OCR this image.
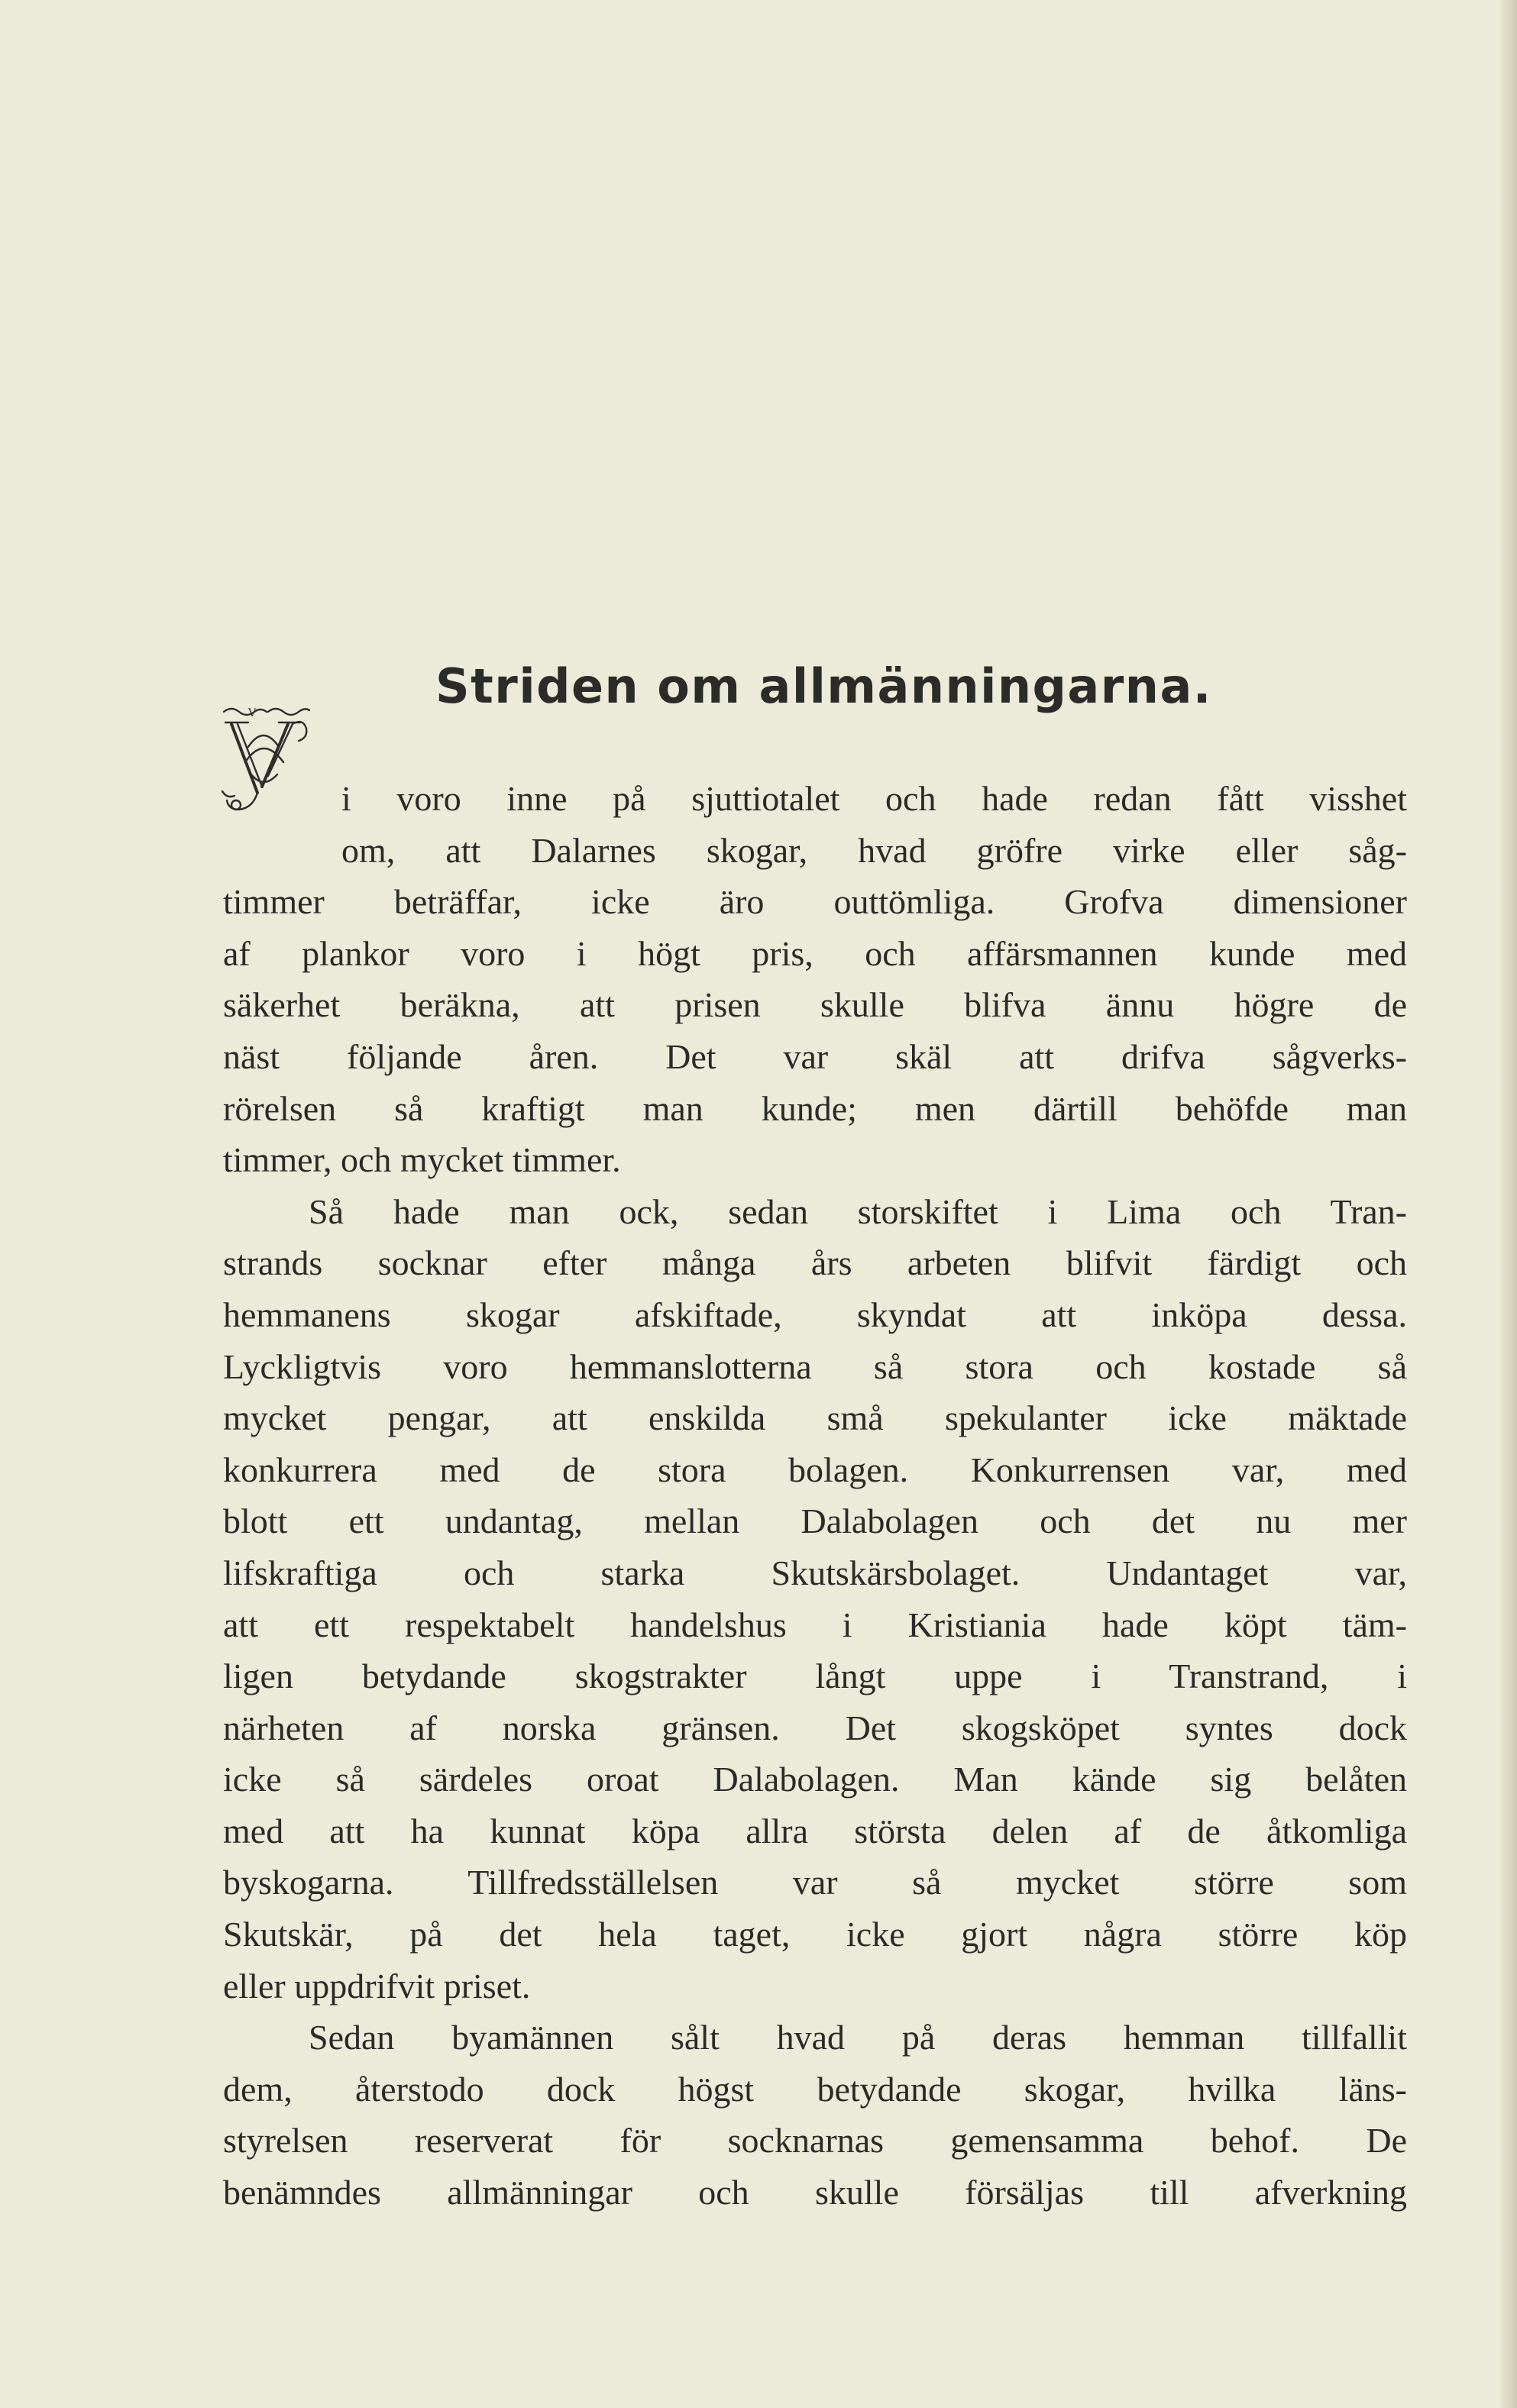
Striden om allmänningarna.
V
i voro inne på sjuttiotalet och hade redan fått visshet
om, att Dalarnes skogar, hvad gröfre virke eller såg-
timmer beträffar, icke äro outtömliga. Grofva dimensioner
af plankor voro i högt pris, och affärsmannen kunde med
säkerhet beräkna, att prisen skulle blifva ännu högre de
näst följande åren. Det var skäl att drifva sågverks-
rörelsen så kraftigt man kunde; men därtill behöfde man
timmer, och mycket timmer.
Så hade man ock, sedan storskiftet i Lima och Tran-
strands socknar efter många års arbeten blifvit färdigt och
hemmanens skogar afskiftade, skyndat att inköpa dessa.
Lyckligtvis voro hemmanslotterna så stora och kostade så
mycket pengar, att enskilda små spekulanter icke mäktade
konkurrera med de stora bolagen. Konkurrensen var, med
blott ett undantag, mellan Dalabolagen och det nu mer
lifskraftiga och starka Skutskärsbolaget. Undantaget var,
att ett respektabelt handelshus i Kristiania hade köpt täm-
ligen betydande skogstrakter långt uppe i Transtrand, i
närheten af norska gränsen. Det skogsköpet syntes dock
icke så särdeles oroat Dalabolagen. Man kände sig belåten
med att ha kunnat köpa allra största delen af de åtkomliga
byskogarna. Tillfredsställelsen var så mycket större som
Skutskär, på det hela taget, icke gjort några större köp
eller uppdrifvit priset.
Sedan byamännen sålt hvad på deras hemman tillfallit
dem, återstodo dock högst betydande skogar, hvilka läns-
styrelsen reserverat för socknarnas gemensamma behof. De
benämndes allmänningar och skulle försäljas till afverkning
